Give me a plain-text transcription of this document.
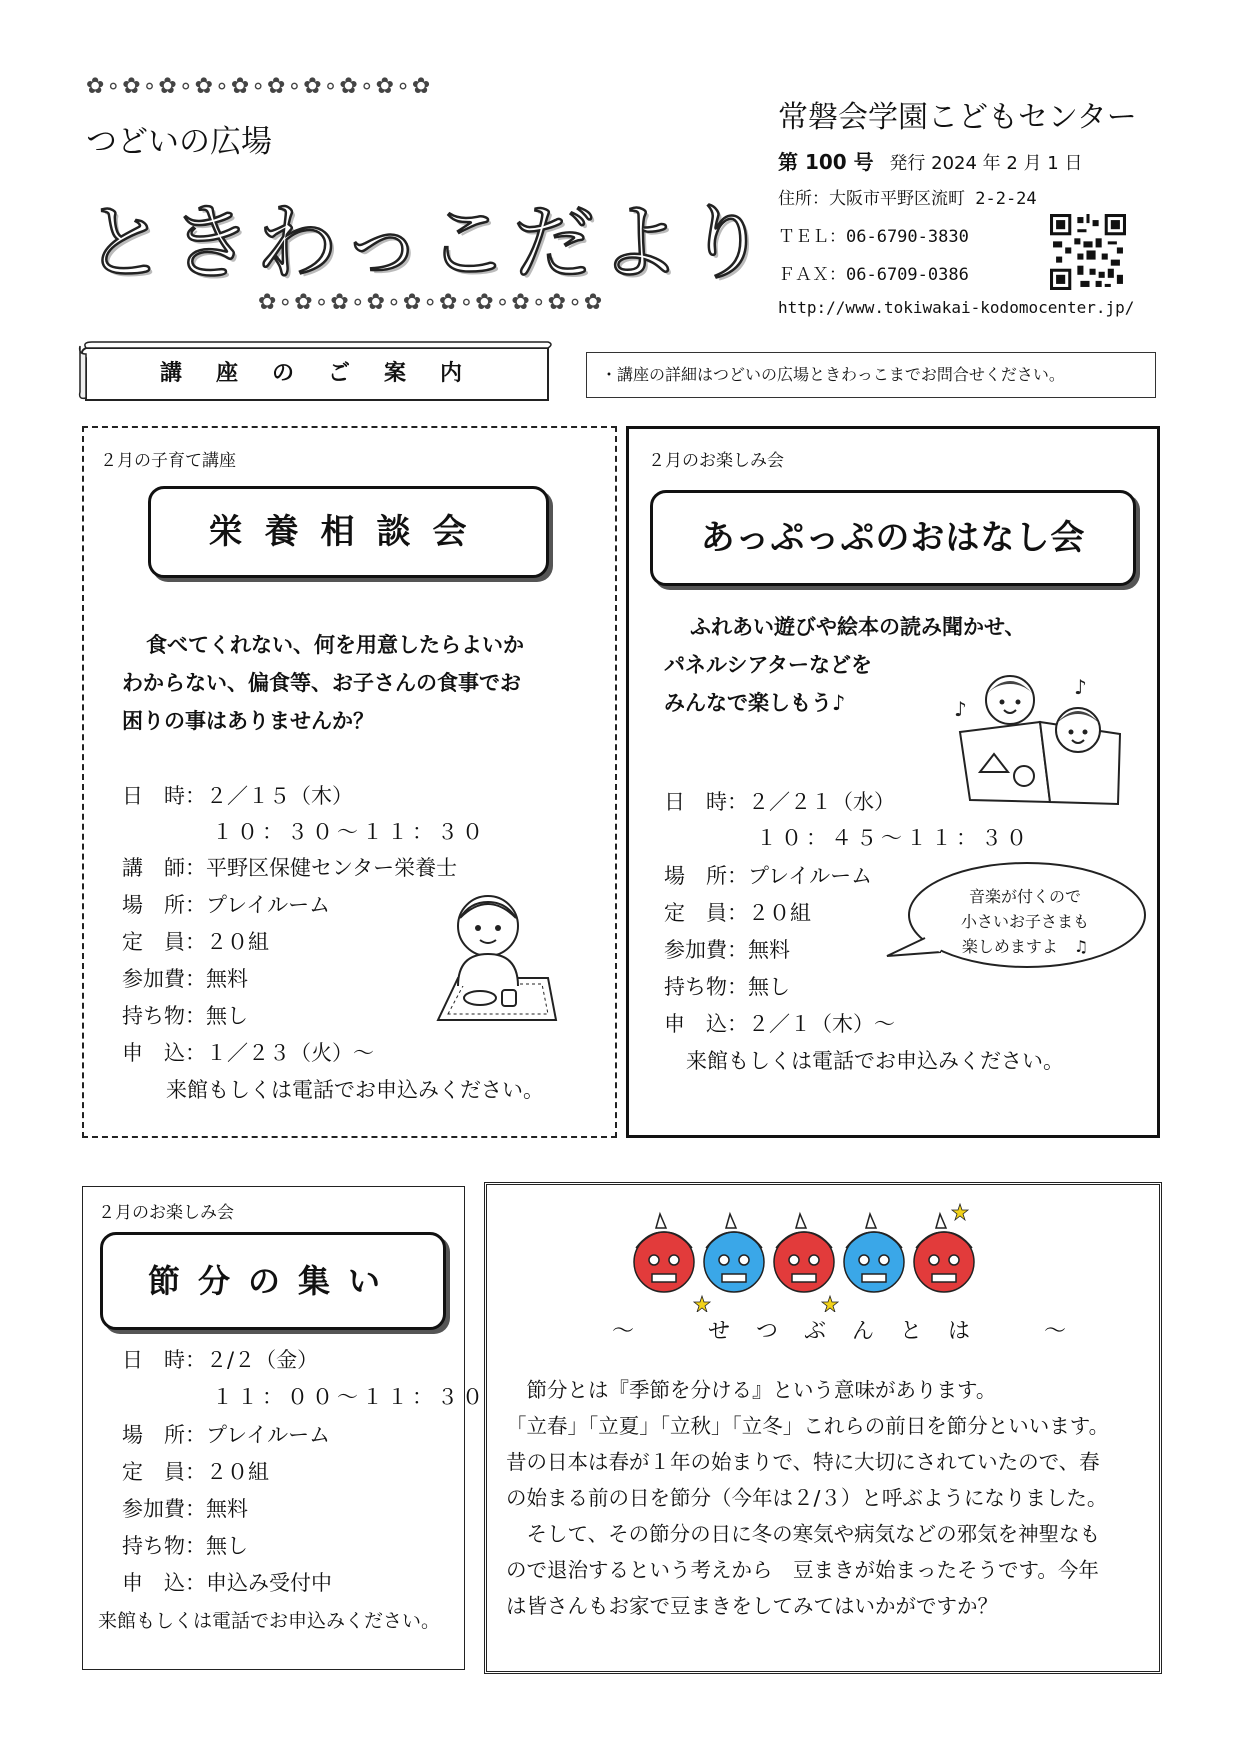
✿∘✿∘✿∘✿∘✿∘✿∘✿∘✿∘✿∘✿
つどいの広場
ときわっこだより
✿∘✿∘✿∘✿∘✿∘✿∘✿∘✿∘✿∘✿
常磐会学園こどもセンター
第 100 号 発行 2024 年 2 月 1 日
住所：大阪市平野区流町 2-2-24
ＴＥＬ：06-6790-3830
ＦＡＸ：06-6709-0386
http://www.tokiwakai-kodomocenter.jp/
講座のご案内	・講座の詳細はつどいの広場ときわっこまでお問合せください。
２月の子育て講座
栄養相談会
食べてくれない、何を用意したらよいか
わからない、偏食等、お子さんの食事でお
困りの事はありませんか？
日　時：２／１５（木）
１０：３０～１１：３０
講　師：平野区保健センター栄養士
場　所：プレイルーム
定　員：２０組
参加費：無料
持ち物：無し
申　込：１／２３（火）～
来館もしくは電話でお申込みください。
２月のお楽しみ会
あっぷっぷのおはなし会
ふれあい遊びや絵本の読み聞かせ、
パネルシアターなどを
みんなで楽しもう♪	♪
♪
日　時：２／２１（水）
１０：４５～１１：３０
場　所：プレイルーム
定　員：２０組
参加費：無料
持ち物：無し
申　込：２／１（木）～
来館もしくは電話でお申込みください。
音楽が付くので
小さいお子さまも
楽しめますよ　♫
２月のお楽しみ会
節分の集い
日　時：２/２（金）
１１：００～１１：３０
場　所：プレイルーム
定　員：２０組
参加費：無料
持ち物：無し
申　込：申込み受付中
来館もしくは電話でお申込みください。
～　せつぶんとは　～
　節分とは『季節を分ける』という意味があります。
「立春」「立夏」「立秋」「立冬」これらの前日を節分といいます。
昔の日本は春が１年の始まりで、特に大切にされていたので、春
の始まる前の日を節分（今年は２/３）と呼ぶようになりました。
　そして、その節分の日に冬の寒気や病気などの邪気を神聖なも
ので退治するという考えから　豆まきが始まったそうです。今年
は皆さんもお家で豆まきをしてみてはいかがですか？
